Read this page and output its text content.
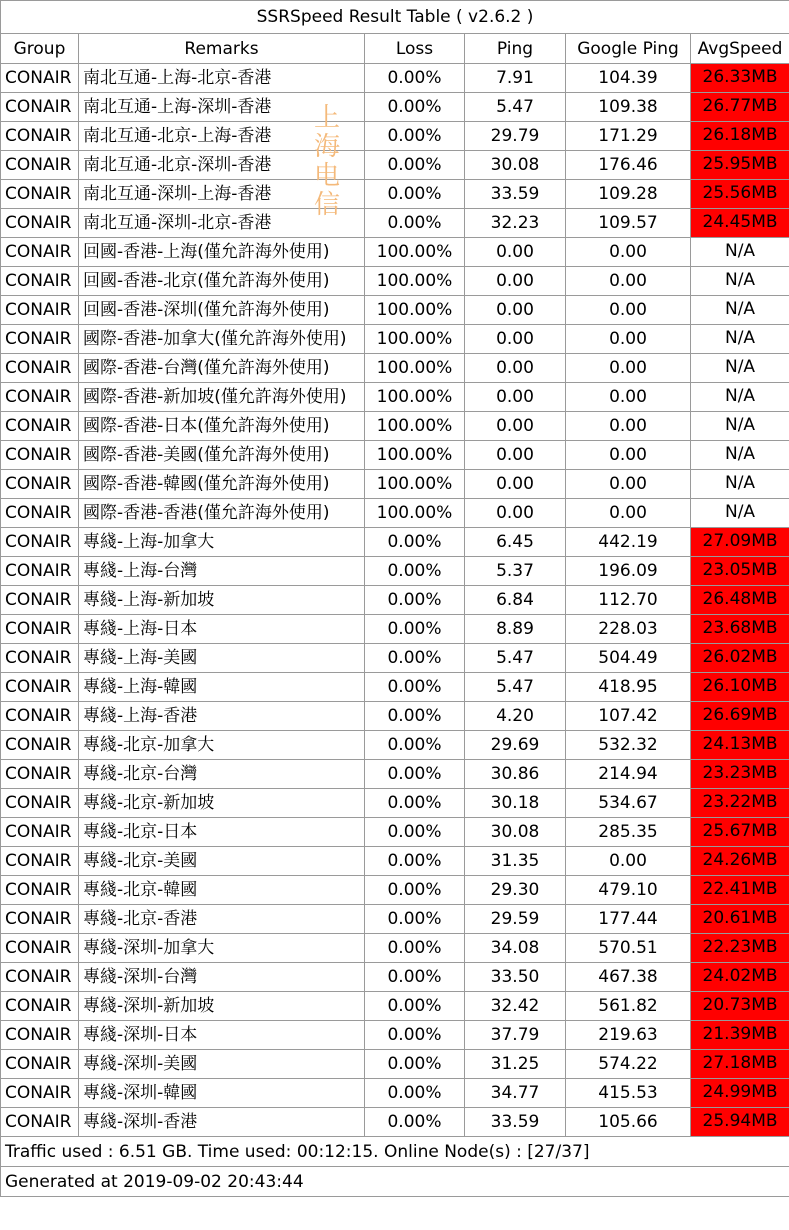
SSRSpeed Result Table ( v2.6.2 )					
Group	Remarks	Loss	Ping	Google Ping	AvgSpeed
CONAIR	南北互通-上海-北京-香港	0.00%	7.91	104.39	26.33MB
CONAIR	南北互通-上海-深圳-香港	0.00%	5.47	109.38	26.77MB
CONAIR	南北互通-北京-上海-香港	0.00%	29.79	171.29	26.18MB
CONAIR	南北互通-北京-深圳-香港	0.00%	30.08	176.46	25.95MB
CONAIR	南北互通-深圳-上海-香港	0.00%	33.59	109.28	25.56MB
CONAIR	南北互通-深圳-北京-香港	0.00%	32.23	109.57	24.45MB
CONAIR	回國-香港-上海(僅允許海外使用)	100.00%	0.00	0.00	N/A
CONAIR	回國-香港-北京(僅允許海外使用)	100.00%	0.00	0.00	N/A
CONAIR	回國-香港-深圳(僅允許海外使用)	100.00%	0.00	0.00	N/A
CONAIR	國際-香港-加拿大(僅允許海外使用)	100.00%	0.00	0.00	N/A
CONAIR	國際-香港-台灣(僅允許海外使用)	100.00%	0.00	0.00	N/A
CONAIR	國際-香港-新加坡(僅允許海外使用)	100.00%	0.00	0.00	N/A
CONAIR	國際-香港-日本(僅允許海外使用)	100.00%	0.00	0.00	N/A
CONAIR	國際-香港-美國(僅允許海外使用)	100.00%	0.00	0.00	N/A
CONAIR	國際-香港-韓國(僅允許海外使用)	100.00%	0.00	0.00	N/A
CONAIR	國際-香港-香港(僅允許海外使用)	100.00%	0.00	0.00	N/A
CONAIR	專綫-上海-加拿大	0.00%	6.45	442.19	27.09MB
CONAIR	專綫-上海-台灣	0.00%	5.37	196.09	23.05MB
CONAIR	專綫-上海-新加坡	0.00%	6.84	112.70	26.48MB
CONAIR	專綫-上海-日本	0.00%	8.89	228.03	23.68MB
CONAIR	專綫-上海-美國	0.00%	5.47	504.49	26.02MB
CONAIR	專綫-上海-韓國	0.00%	5.47	418.95	26.10MB
CONAIR	專綫-上海-香港	0.00%	4.20	107.42	26.69MB
CONAIR	專綫-北京-加拿大	0.00%	29.69	532.32	24.13MB
CONAIR	專綫-北京-台灣	0.00%	30.86	214.94	23.23MB
CONAIR	專綫-北京-新加坡	0.00%	30.18	534.67	23.22MB
CONAIR	專綫-北京-日本	0.00%	30.08	285.35	25.67MB
CONAIR	專綫-北京-美國	0.00%	31.35	0.00	24.26MB
CONAIR	專綫-北京-韓國	0.00%	29.30	479.10	22.41MB
CONAIR	專綫-北京-香港	0.00%	29.59	177.44	20.61MB
CONAIR	專綫-深圳-加拿大	0.00%	34.08	570.51	22.23MB
CONAIR	專綫-深圳-台灣	0.00%	33.50	467.38	24.02MB
CONAIR	專綫-深圳-新加坡	0.00%	32.42	561.82	20.73MB
CONAIR	專綫-深圳-日本	0.00%	37.79	219.63	21.39MB
CONAIR	專綫-深圳-美國	0.00%	31.25	574.22	27.18MB
CONAIR	專綫-深圳-韓國	0.00%	34.77	415.53	24.99MB
CONAIR	專綫-深圳-香港	0.00%	33.59	105.66	25.94MB
Traffic used : 6.51 GB. Time used: 00:12:15. Online Node(s) : [27/37]					
Generated at 2019-09-02 20:43:44					
上
海
电
信
